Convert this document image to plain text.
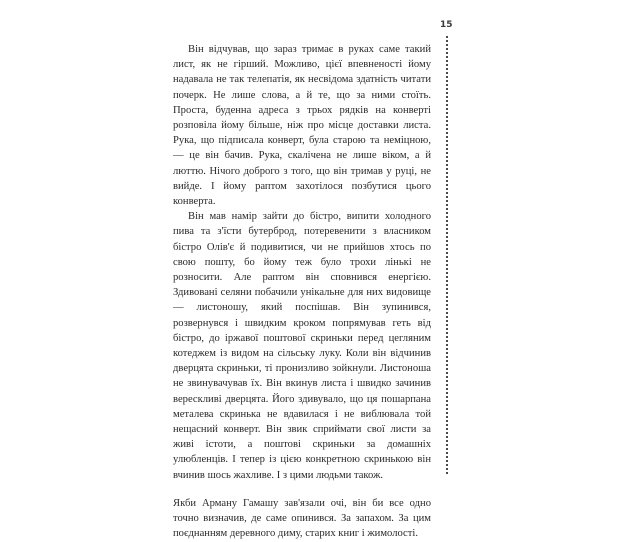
15

Він відчував, що зараз тримає в руках саме такий лист, як не гірший. Можливо, цієї впевненості йому надавала не так телепатія, як несвідома здатність читати почерк. Не лише слова, а й те, що за ними стоїть. Проста, буденна адреса з трьох рядків на конверті розповіла йому більше, ніж про місце доставки листа. Рука, що підписала конверт, була старою та неміцною, — це він бачив. Рука, скалічена не лише віком, а й люттю. Нічого доброго з того, що він тримав у руці, не вийде. І йому раптом захотілося позбутися цього конверта.

Він мав намір зайти до бістро, випити холодного пива та з'їсти бутерброд, потеревенити з власником бістро Олів'є й подивитися, чи не прийшов хтось по свою пошту, бо йому теж було трохи лінькі не розносити. Але раптом він сповнився енергією. Здивовані селяни побачили унікальне для них видовище — листоношу, який поспішав. Він зупинився, розвернувся і швидким кроком попрямував геть від бістро, до іржавої поштової скриньки перед цегляним котеджем із видом на сільську луку. Коли він відчинив дверцята скриньки, ті пронизливо зойкнули. Листоноша не звинувачував їх. Він вкинув листа і швидко зачинив верескливі дверцята. Його здивувало, що ця пошарпана металева скринька не вдавилася і не виблювала той нещасний конверт. Він звик сприймати свої листи за живі істоти, а поштові скриньки за домашніх улюбленців. І тепер із цією конкретною скринькою він вчинив шось жахливе. І з цими людьми також.

Якби Арману Гамашу зав'язали очі, він би все одно точно визначив, де саме опинився. За запахом. За цим поєднанням деревного диму, старих книг і жимолості.
